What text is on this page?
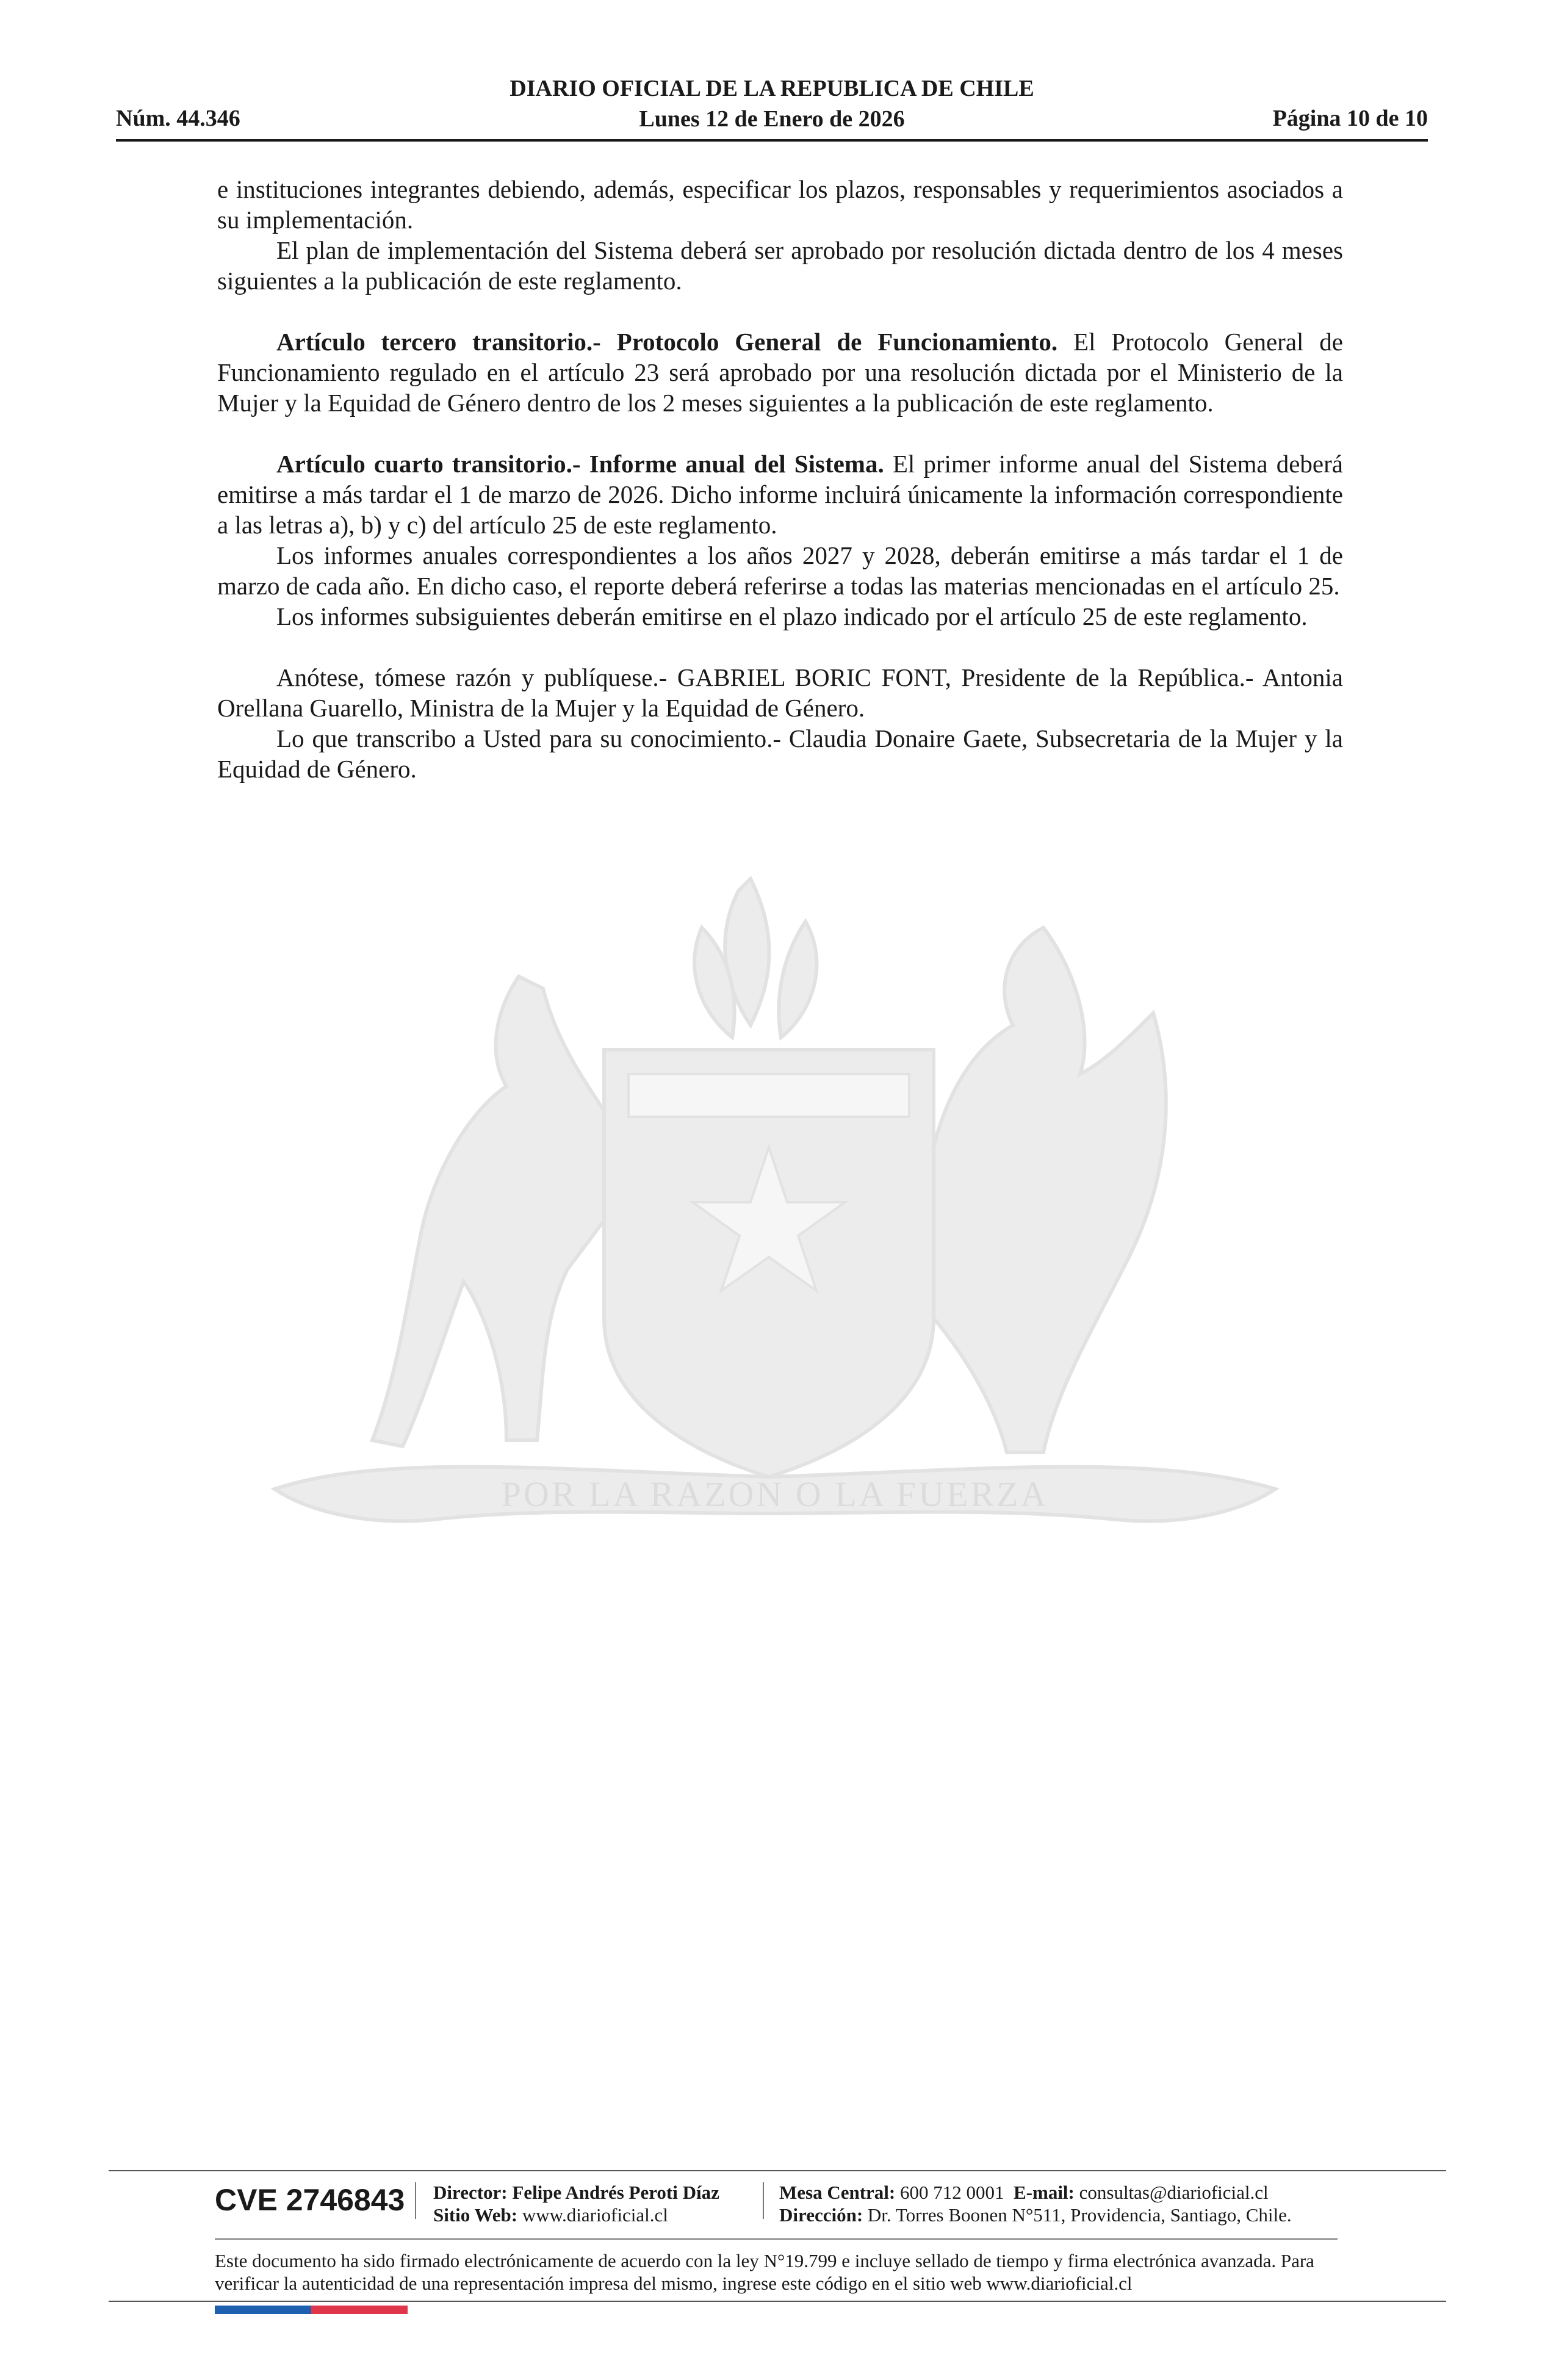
Núm. 44.346
DIARIO OFICIAL DE LA REPUBLICA DE CHILE
Lunes 12 de Enero de 2026	Página 10 de 10
POR LA RAZON O LA FUERZA

e instituciones integrantes debiendo, además, especificar los plazos, responsables y requerimientos asociados a su implementación.

El plan de implementación del Sistema deberá ser aprobado por resolución dictada dentro de los 4 meses siguientes a la publicación de este reglamento.

Artículo tercero transitorio.- Protocolo General de Funcionamiento. El Protocolo General de Funcionamiento regulado en el artículo 23 será aprobado por una resolución dictada por el Ministerio de la Mujer y la Equidad de Género dentro de los 2 meses siguientes a la publicación de este reglamento.

Artículo cuarto transitorio.- Informe anual del Sistema. El primer informe anual del Sistema deberá emitirse a más tardar el 1 de marzo de 2026. Dicho informe incluirá únicamente la información correspondiente a las letras a), b) y c) del artículo 25 de este reglamento.

Los informes anuales correspondientes a los años 2027 y 2028, deberán emitirse a más tardar el 1 de marzo de cada año. En dicho caso, el reporte deberá referirse a todas las materias mencionadas en el artículo 25.

Los informes subsiguientes deberán emitirse en el plazo indicado por el artículo 25 de este reglamento.

Anótese, tómese razón y publíquese.- GABRIEL BORIC FONT, Presidente de la República.- Antonia Orellana Guarello, Ministra de la Mujer y la Equidad de Género.

Lo que transcribo a Usted para su conocimiento.- Claudia Donaire Gaete, Subsecretaria de la Mujer y la Equidad de Género.

CVE 2746843 Director: Felipe Andrés Peroti Díaz
Sitio Web: www.diarioficial.cl
Mesa Central: 600 712 0001 E-mail: consultas@diarioficial.cl
Dirección: Dr. Torres Boonen N°511, Providencia, Santiago, Chile.
Este documento ha sido firmado electrónicamente de acuerdo con la ley N°19.799 e incluye sellado de tiempo y firma electrónica avanzada. Para verificar la autenticidad de una representación impresa del mismo, ingrese este código en el sitio web www.diarioficial.cl
